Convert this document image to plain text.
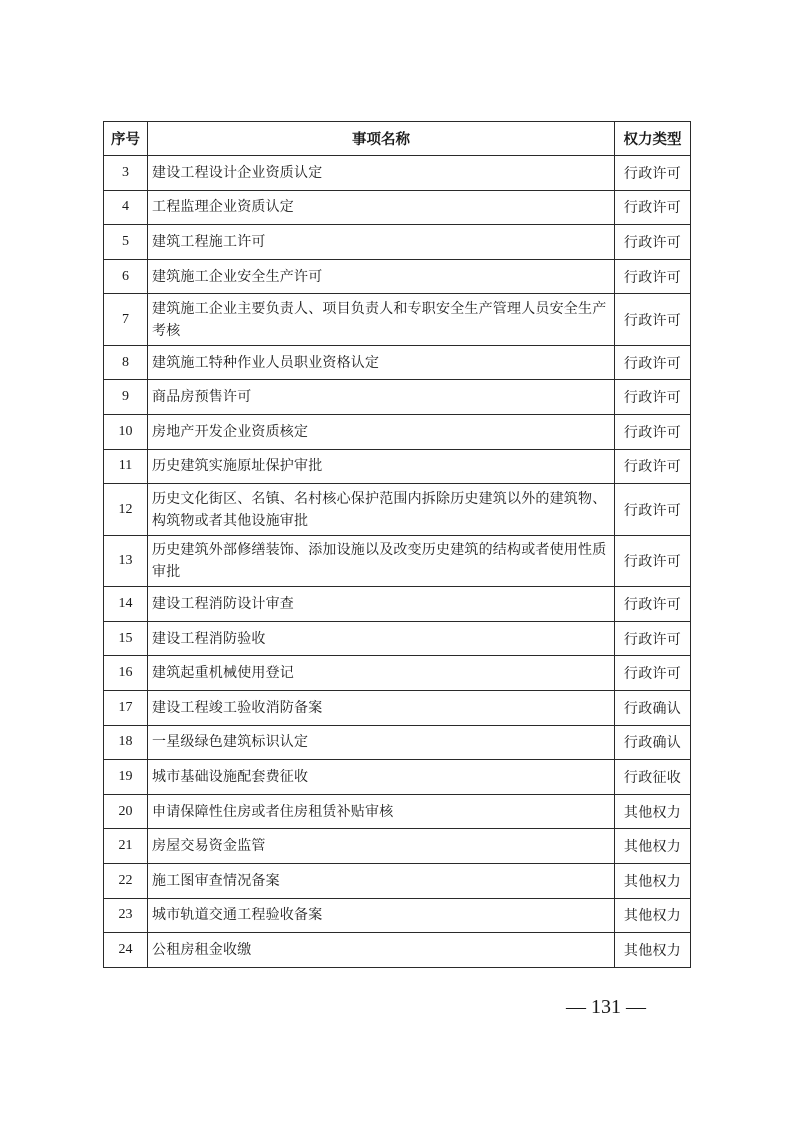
序号	事项名称	权力类型
3	建设工程设计企业资质认定	行政许可
4	工程监理企业资质认定	行政许可
5	建筑工程施工许可	行政许可
6	建筑施工企业安全生产许可	行政许可
7	建筑施工企业主要负责人、项目负责人和专职安全生产管理人员安全生产考核	行政许可
8	建筑施工特种作业人员职业资格认定	行政许可
9	商品房预售许可	行政许可
10	房地产开发企业资质核定	行政许可
11	历史建筑实施原址保护审批	行政许可
12	历史文化街区、名镇、名村核心保护范围内拆除历史建筑以外的建筑物、构筑物或者其他设施审批	行政许可
13	历史建筑外部修缮装饰、添加设施以及改变历史建筑的结构或者使用性质审批	行政许可
14	建设工程消防设计审查	行政许可
15	建设工程消防验收	行政许可
16	建筑起重机械使用登记	行政许可
17	建设工程竣工验收消防备案	行政确认
18	一星级绿色建筑标识认定	行政确认
19	城市基础设施配套费征收	行政征收
20	申请保障性住房或者住房租赁补贴审核	其他权力
21	房屋交易资金监管	其他权力
22	施工图审查情况备案	其他权力
23	城市轨道交通工程验收备案	其他权力
24	公租房租金收缴	其他权力
— 131 —
